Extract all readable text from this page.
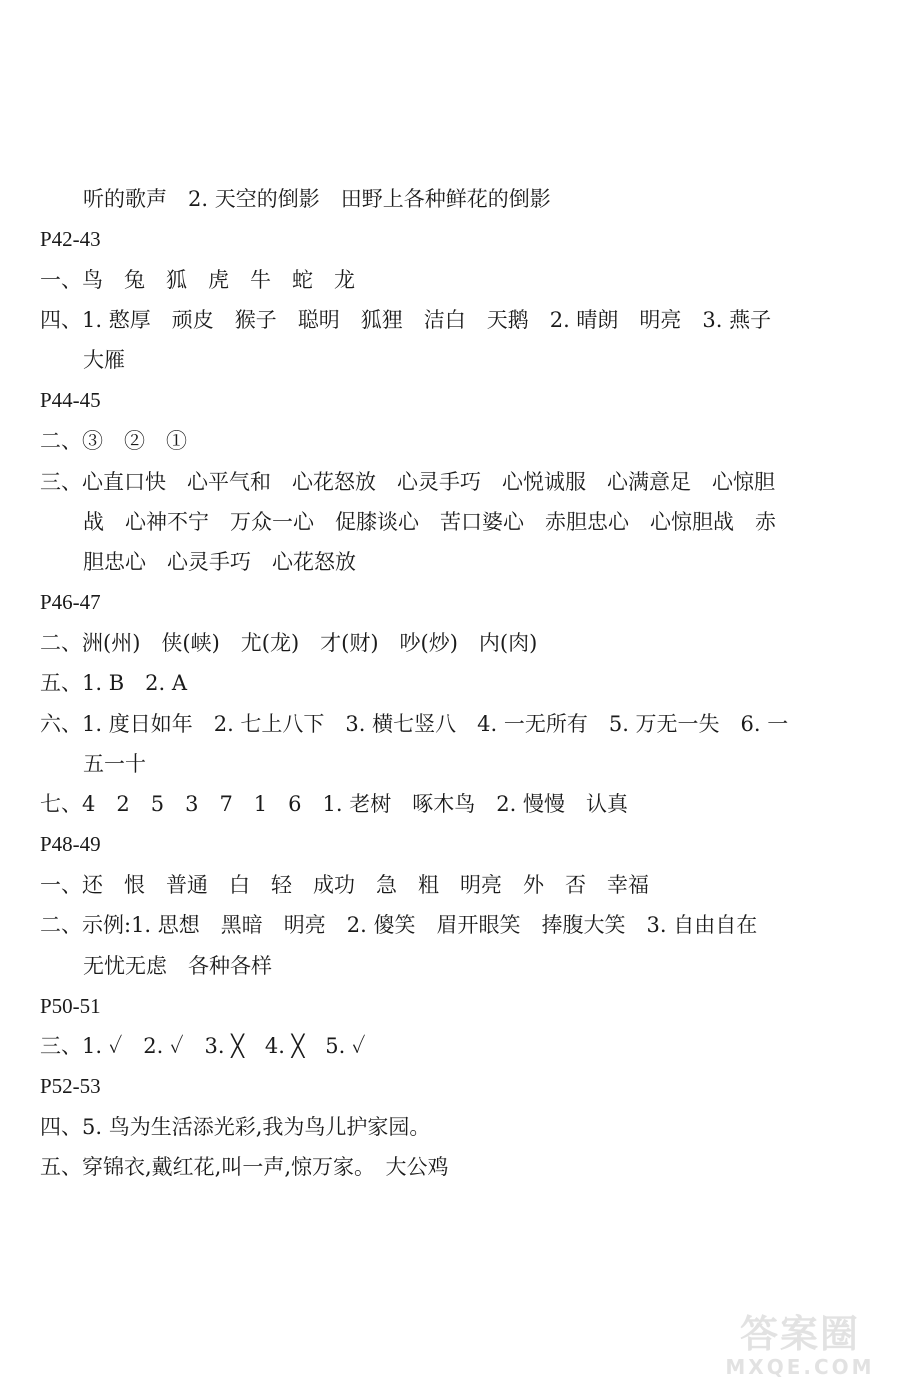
听的歌声　2. 天空的倒影　田野上各种鲜花的倒影
P42-43
一、鸟　兔　狐　虎　牛　蛇　龙
四、1. 憨厚　顽皮　猴子　聪明　狐狸　洁白　天鹅　2. 晴朗　明亮　3. 燕子
大雁
P44-45
二、③　②　①
三、心直口快　心平气和　心花怒放　心灵手巧　心悦诚服　心满意足　心惊胆
战　心神不宁　万众一心　促膝谈心　苦口婆心　赤胆忠心　心惊胆战　赤
胆忠心　心灵手巧　心花怒放
P46-47
二、洲(州)　侠(峡)　尤(龙)　才(财)　吵(炒)　内(肉)
五、1. B　2. A
六、1. 度日如年　2. 七上八下　3. 横七竖八　4. 一无所有　5. 万无一失　6. 一
五一十
七、4　2　5　3　7　1　6　1. 老树　啄木鸟　2. 慢慢　认真
P48-49
一、还　恨　普通　白　轻　成功　急　粗　明亮　外　否　幸福
二、示例:1. 思想　黑暗　明亮　2. 傻笑　眉开眼笑　捧腹大笑　3. 自由自在
无忧无虑　各种各样
P50-51
三、1. ✓　2. ✓　3. ╳　4. ╳　5. ✓
P52-53
四、5. 鸟为生活添光彩,我为鸟儿护家园。
五、穿锦衣,戴红花,叫一声,惊万家。　大公鸡
答案圈
MXQE.COM
